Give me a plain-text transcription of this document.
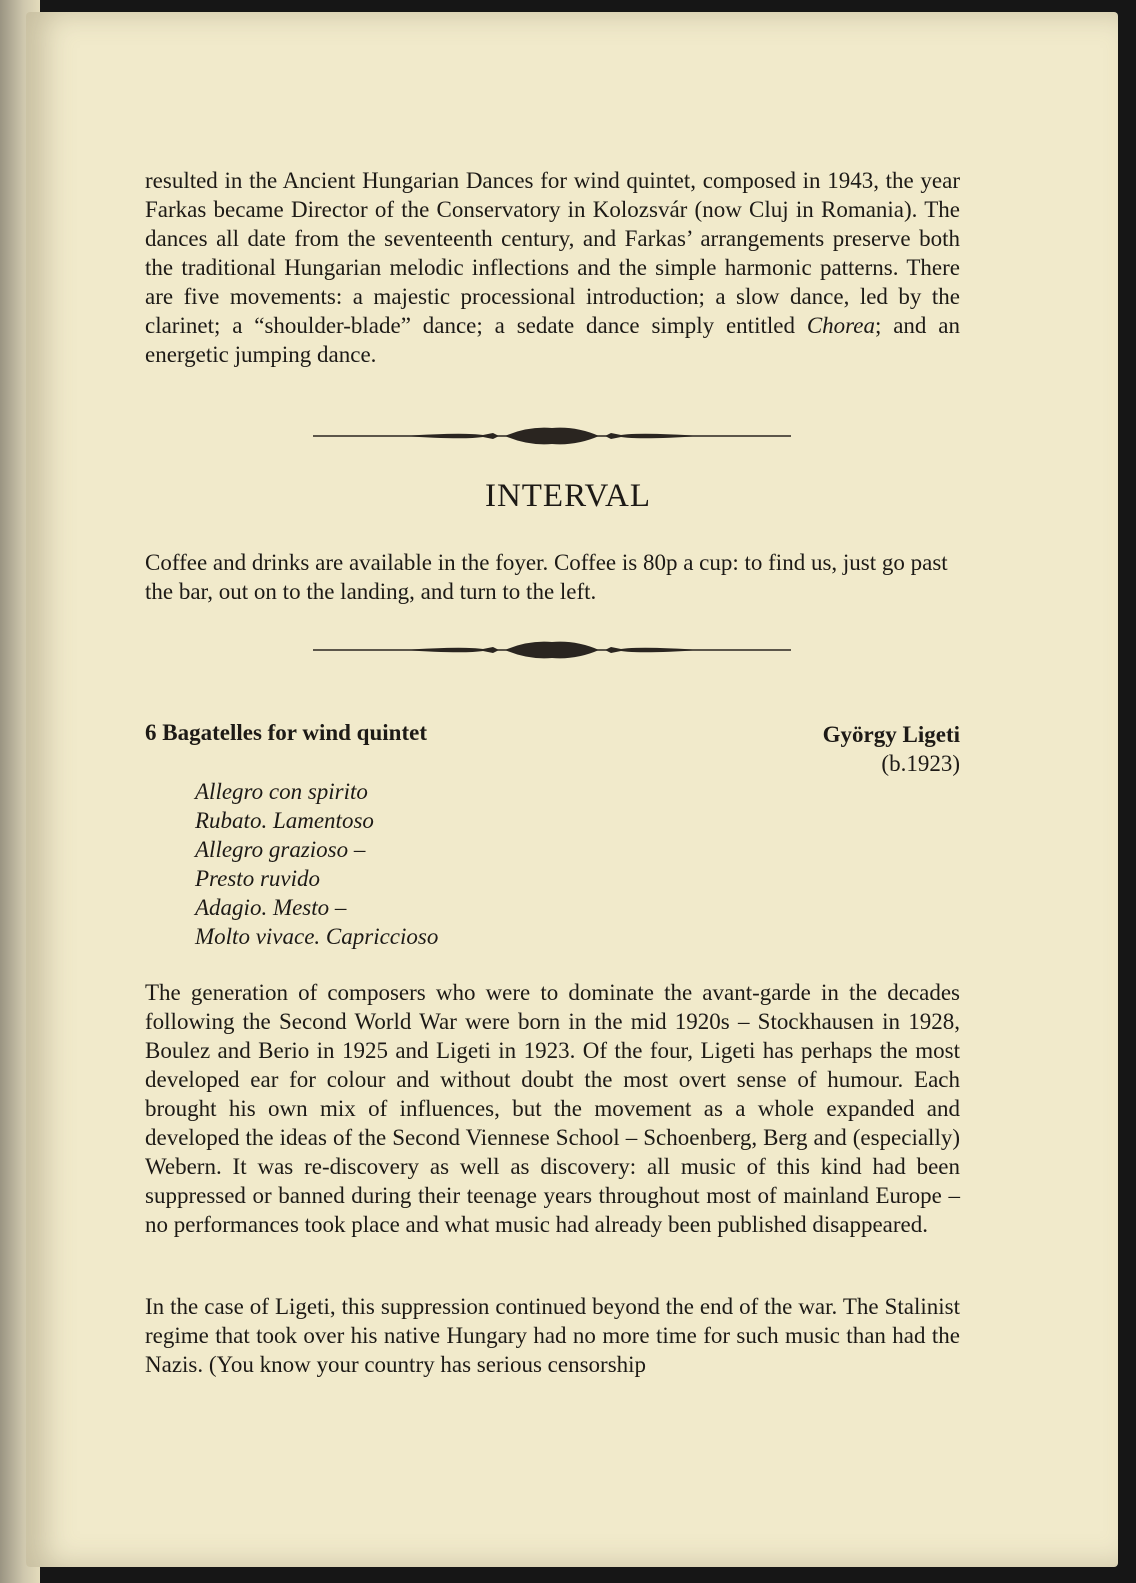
resulted in the Ancient Hungarian Dances for wind quintet, composed in 1943, the year Farkas became Director of the Conservatory in Kolozsvár (now Cluj in Romania). The dances all date from the seventeenth century, and Farkas’ arrangements preserve both the traditional Hungarian melodic inflections and the simple harmonic patterns. There are five movements: a majestic processional introduction; a slow dance, led by the clarinet; a “shoulder-blade” dance; a sedate dance simply entitled Chorea; and an energetic jumping dance.

INTERVAL

Coffee and drinks are available in the foyer. Coffee is 80p a cup: to find us, just go past the bar, out on to the landing, and turn to the left.

6 Bagatelles for wind quintet	György Ligeti
(b.1923)
Allegro con spirito
Rubato. Lamentoso
Allegro grazioso –
Presto ruvido
Adagio. Mesto –
Molto vivace. Capriccioso

The generation of composers who were to dominate the avant-garde in the decades following the Second World War were born in the mid 1920s – Stockhausen in 1928, Boulez and Berio in 1925 and Ligeti in 1923. Of the four, Ligeti has perhaps the most developed ear for colour and without doubt the most overt sense of humour. Each brought his own mix of influences, but the movement as a whole expanded and developed the ideas of the Second Viennese School – Schoenberg, Berg and (especially) Webern. It was re-discovery as well as discovery: all music of this kind had been suppressed or banned during their teenage years throughout most of mainland Europe – no performances took place and what music had already been published disappeared.

In the case of Ligeti, this suppression continued beyond the end of the war. The Stalinist regime that took over his native Hungary had no more time for such music than had the Nazis. (You know your country has serious censorship
